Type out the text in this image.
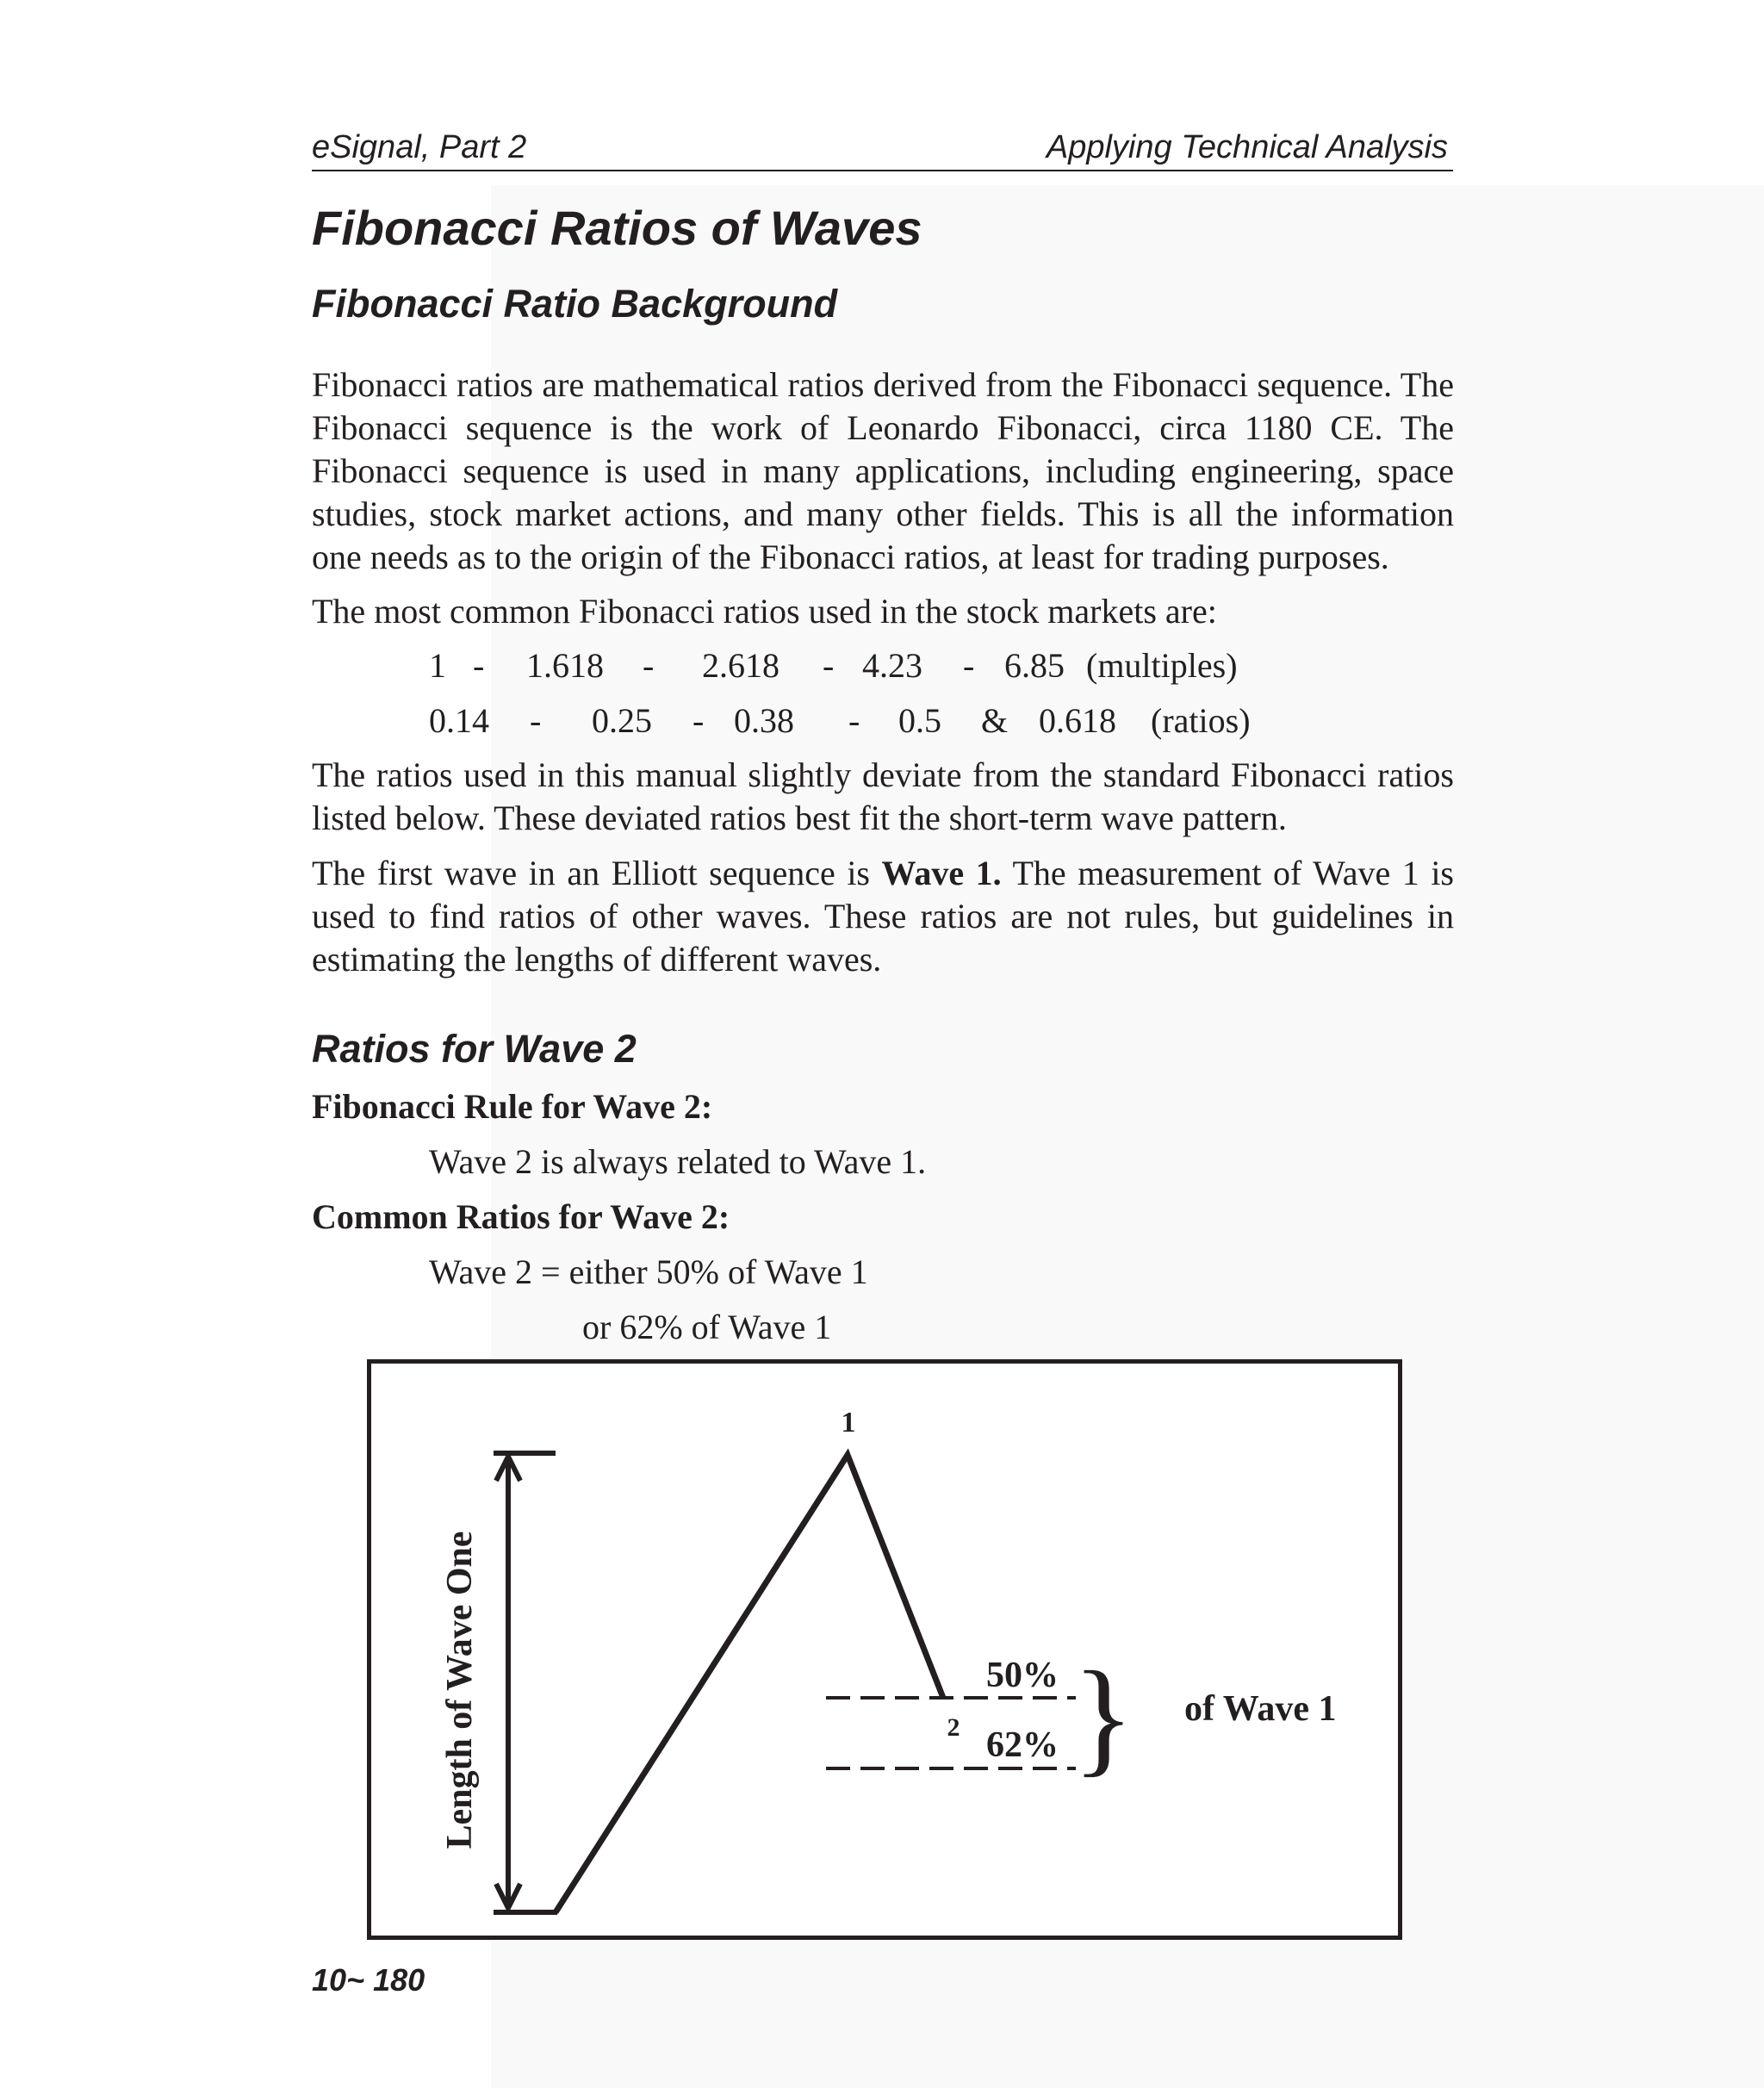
eSignal, Part 2	Applying Technical Analysis
Fibonacci Ratios of Waves
Fibonacci Ratio Background

Fibonacci ratios are mathematical ratios derived from the Fibonacci sequence. The Fibonacci sequence is the work of Leonardo Fibonacci, circa 1180 CE. The Fibonacci sequence is used in many applications, including engineering, space studies, stock market actions, and many other fields. This is all the information one needs as to the origin of the Fibonacci ratios, at least for trading purposes.

The most common Fibonacci ratios used in the stock markets are:

1 - 1.618 - 2.618 - 4.23 - 6.85 (multiples)
0.14 - 0.25 - 0.38 - 0.5 & 0.618 (ratios)

The ratios used in this manual slightly deviate from the standard Fibonacci ratios listed below. These deviated ratios best fit the short-term wave pattern.

The first wave in an Elliott sequence is Wave 1. The measurement of Wave 1 is used to find ratios of other waves. These ratios are not rules, but guidelines in estimating the lengths of different waves.

Ratios for Wave 2

Fibonacci Rule for Wave 2:

Wave 2 is always related to Wave 1.

Common Ratios for Wave 2:

Wave 2 = either 50% of Wave 1

or 62% of Wave 1

1
2
50%
62% } of Wave 1
Length of Wave One
10~ 180
